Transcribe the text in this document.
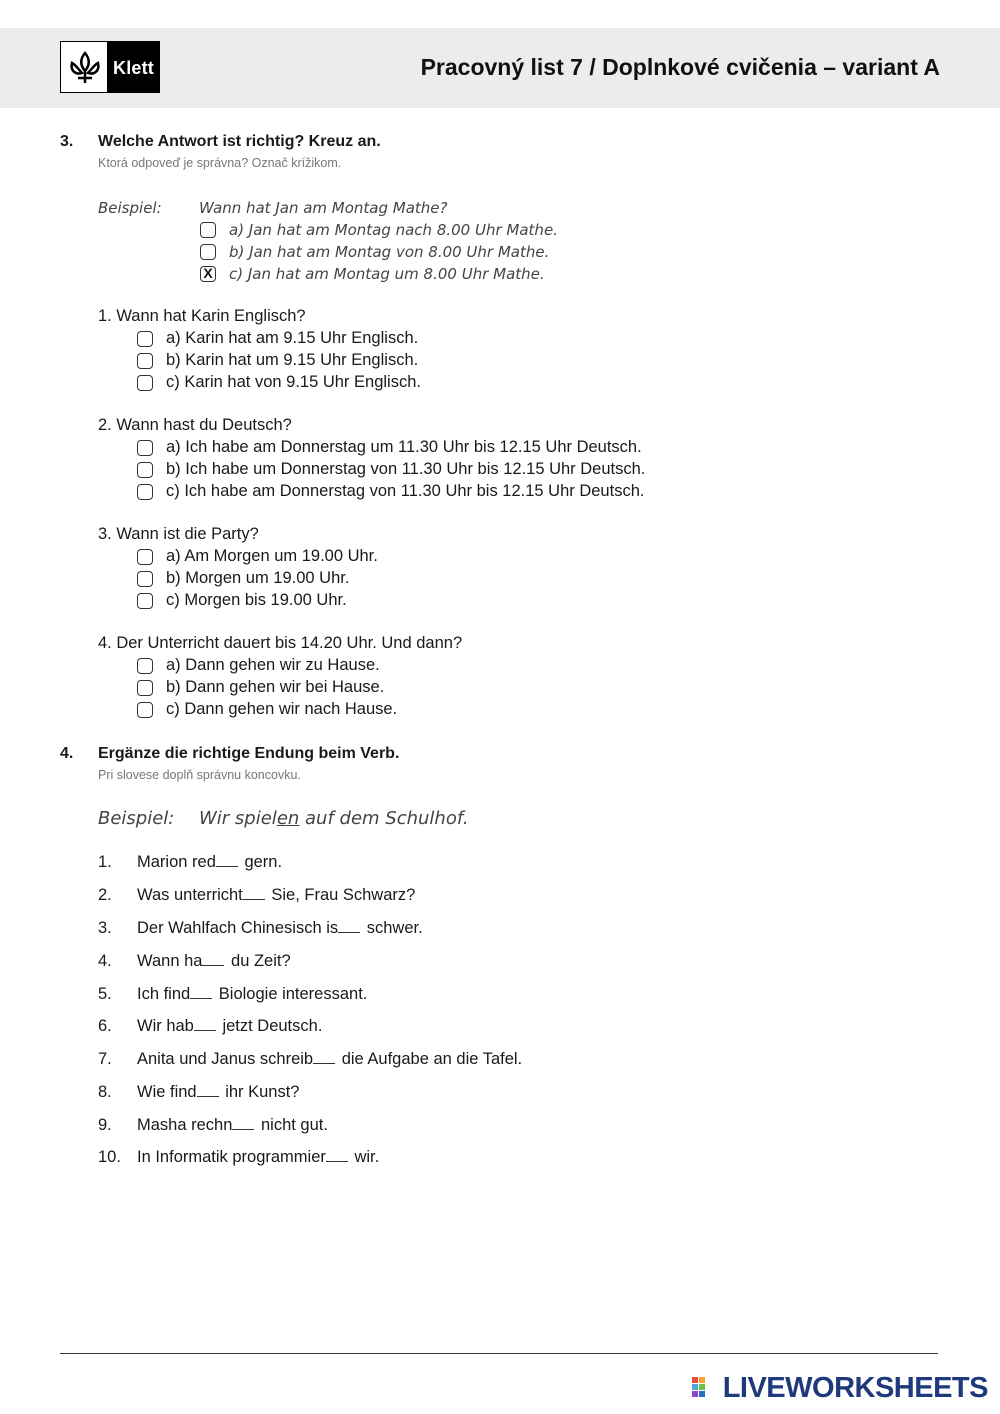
Klett	Pracovný list 7 / Doplnkové cvičenia – variant A
3. Welche Antwort ist richtig? Kreuz an.
Ktorá odpoveď je správna? Označ krížikom.
Beispiel: Wann hat Jan am Montag Mathe?
a) Jan hat am Montag nach 8.00 Uhr Mathe.
b) Jan hat am Montag von 8.00 Uhr Mathe.
X c) Jan hat am Montag um 8.00 Uhr Mathe.
1. Wann hat Karin Englisch?
a) Karin hat am 9.15 Uhr Englisch.
b) Karin hat um 9.15 Uhr Englisch.
c) Karin hat von 9.15 Uhr Englisch.
2. Wann hast du Deutsch?
a) Ich habe am Donnerstag um 11.30 Uhr bis 12.15 Uhr Deutsch.
b) Ich habe um Donnerstag von 11.30 Uhr bis 12.15 Uhr Deutsch.
c) Ich habe am Donnerstag von 11.30 Uhr bis 12.15 Uhr Deutsch.
3. Wann ist die Party?
a) Am Morgen um 19.00 Uhr.
b) Morgen um 19.00 Uhr.
c) Morgen bis 19.00 Uhr.
4. Der Unterricht dauert bis 14.20 Uhr. Und dann?
a) Dann gehen wir zu Hause.
b) Dann gehen wir bei Hause.
c) Dann gehen wir nach Hause.
4. Ergänze die richtige Endung beim Verb.
Pri slovese doplň správnu koncovku.
Beispiel: Wir spielen auf dem Schulhof.
1. Marion red gern.
2. Was unterricht Sie, Frau Schwarz?
3. Der Wahlfach Chinesisch is schwer.
4. Wann ha du Zeit?
5. Ich find Biologie interessant.
6. Wir hab jetzt Deutsch.
7. Anita und Janus schreib die Aufgabe an die Tafel.
8. Wie find ihr Kunst?
9. Masha rechn nicht gut.
10. In Informatik programmier wir.
LIVEWORKSHEETS
